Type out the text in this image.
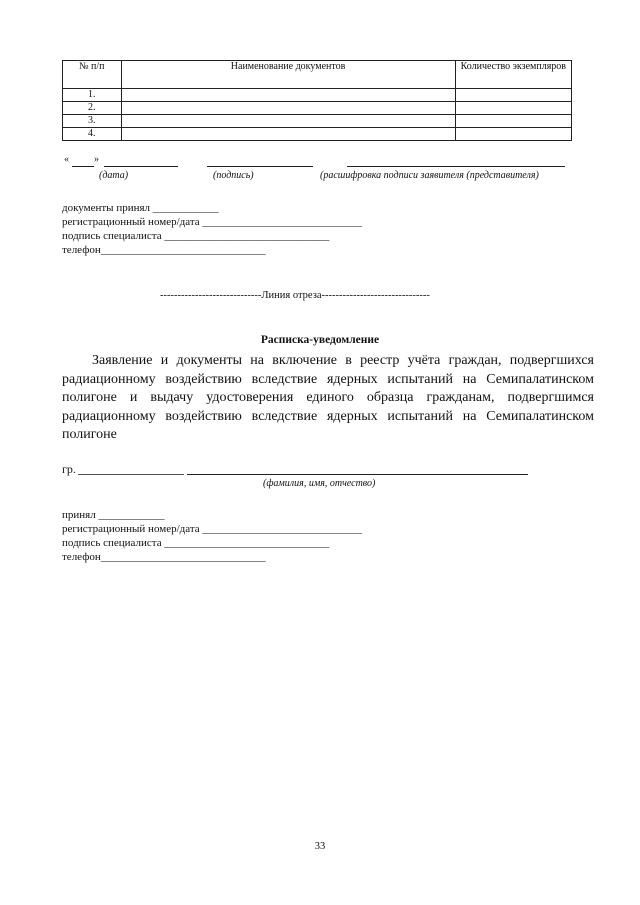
№ п/п	Наименование документов	Количество экземпляров
1.		
2.		
3.		
4.		
«	»
(дата)	(подпись)	(расшифровка подписи заявителя (представителя)
документы принял ____________
регистрационный номер/дата _____________________________
подпись специалиста ______________________________
телефон______________________________
-----------------------------Линия отреза-------------------------------
Расписка-уведомление
Заявление и документы на включение в реестр учёта граждан, подвергшихся радиационному воздействию вследствие ядерных испытаний на Семипалатинском полигоне и выдачу удостоверения единого образца гражданам, подвергшимся радиационному воздействию вследствие ядерных испытаний на Семипалатинском полигоне
гр.
(фамилия, имя, отчество)
принял ____________
регистрационный номер/дата _____________________________
подпись специалиста ______________________________
телефон______________________________
33
